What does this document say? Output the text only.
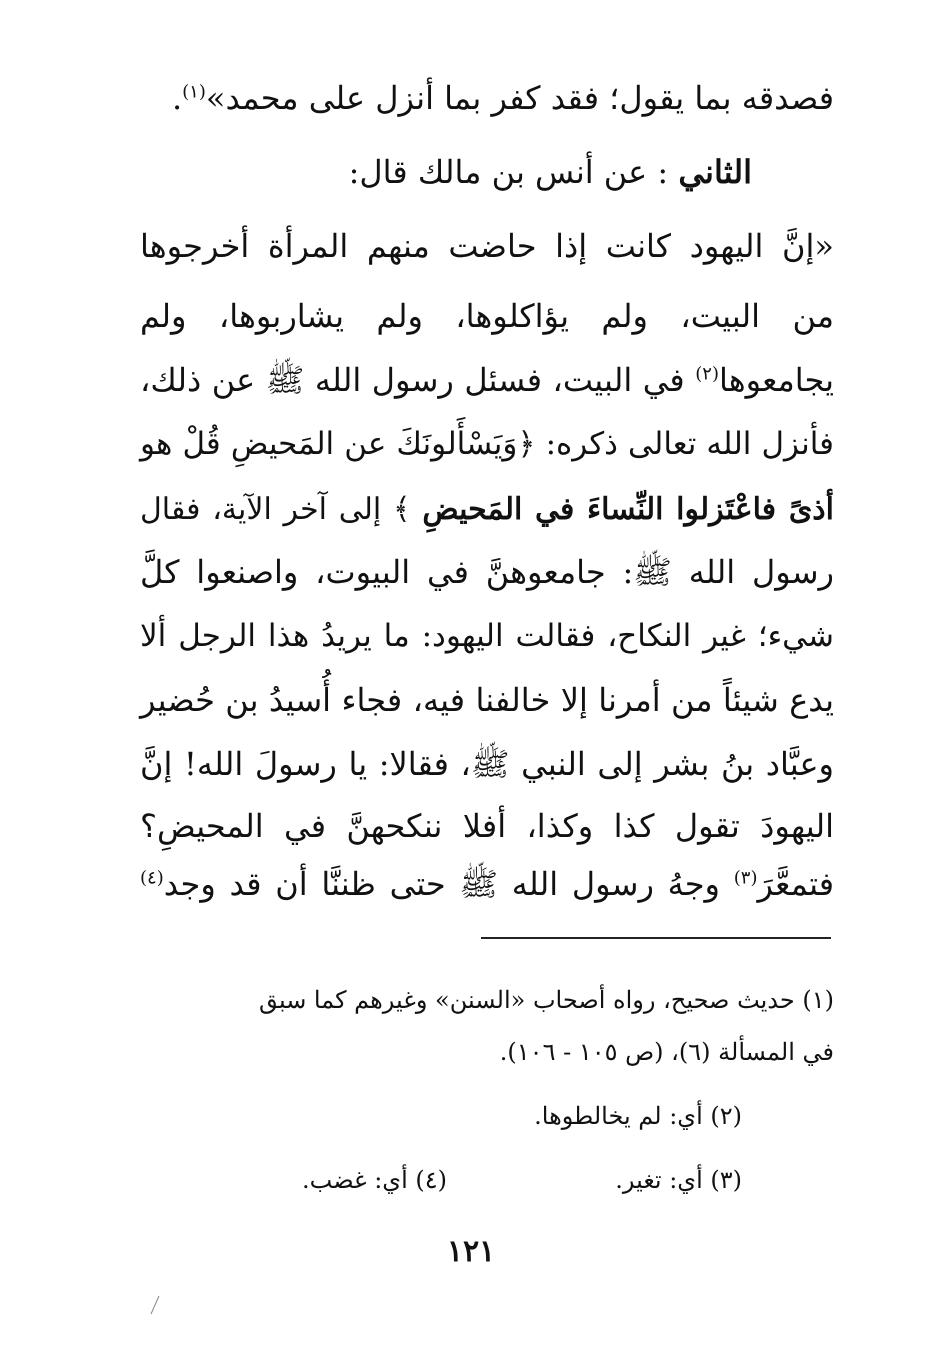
فصدقه بما يقول؛ فقد كفر بما أنزل على محمد»$^{(١)}$.
الثاني : عن أنس بن مالك قال:
«إنَّ اليهود كانت إذا حاضت منهم المرأة أخرجوها
من البيت، ولم يؤاكلوها، ولم يشاربوها، ولم
يجامعوها$^{(٢)}$ في البيت، فسئل رسول الله ﷺ عن ذلك،
فأنزل الله تعالى ذكره: ﴿وَيَسْأَلونَكَ عن المَحيضِ قُلْ هو
أذىً فاعْتَزلوا النِّساءَ في المَحيضِ ﴾ إلى آخر الآية، فقال
رسول الله ﷺ: جامعوهنَّ في البيوت، واصنعوا كلَّ
شيء؛ غير النكاح، فقالت اليهود: ما يريدُ هذا الرجل ألا
يدع شيئاً من أمرنا إلا خالفنا فيه، فجاء أُسيدُ بن حُضير
وعبَّاد بنُ بشر إلى النبي ﷺ، فقالا: يا رسولَ الله! إنَّ
اليهودَ تقول كذا وكذا، أفلا ننكحهنَّ في المحيضِ؟
فتمعَّرَ$^{(٣)}$ وجهُ رسول الله ﷺ حتى ظننَّا أن قد وجد$^{(٤)}$
(١) حديث صحيح، رواه أصحاب «السنن» وغيرهم كما سبق
في المسألة (٦)، (ص ١٠٥ - ١٠٦).
(٢) أي: لم يخالطوها.
(٣) أي: تغير.
(٤) أي: غضب.
١٢١
